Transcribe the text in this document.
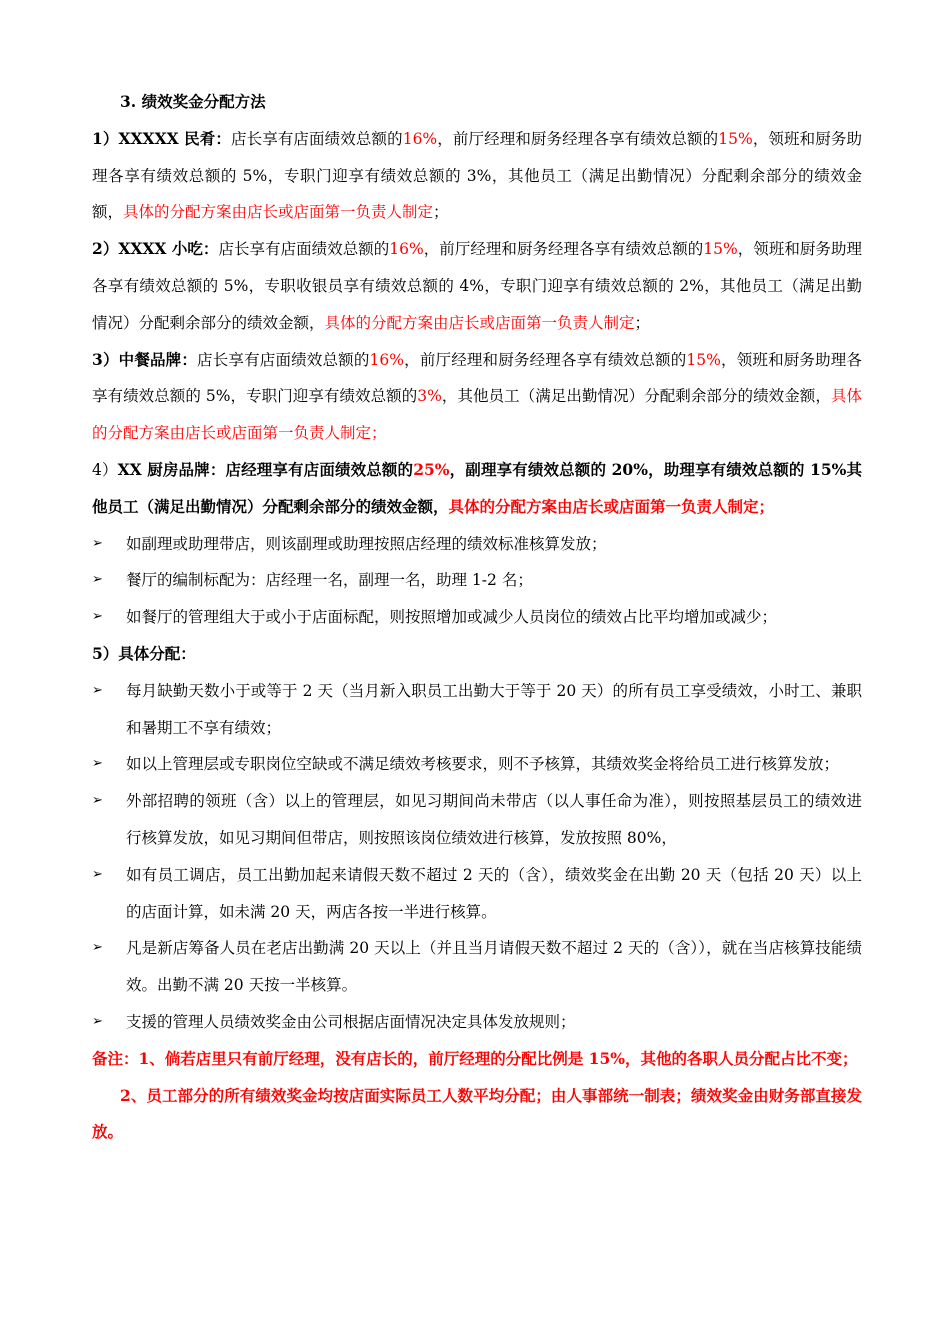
3. 绩效奖金分配方法

1）XXXXX 民肴：店长享有店面绩效总额的16%，前厅经理和厨务经理各享有绩效总额的15%，领班和厨务助理各享有绩效总额的 5%，专职门迎享有绩效总额的 3%，其他员工（满足出勤情况）分配剩余部分的绩效金额，具体的分配方案由店长或店面第一负责人制定；

2）XXXX 小吃：店长享有店面绩效总额的16%，前厅经理和厨务经理各享有绩效总额的15%，领班和厨务助理各享有绩效总额的 5%，专职收银员享有绩效总额的 4%，专职门迎享有绩效总额的 2%，其他员工（满足出勤情况）分配剩余部分的绩效金额，具体的分配方案由店长或店面第一负责人制定；

3）中餐品牌：店长享有店面绩效总额的16%，前厅经理和厨务经理各享有绩效总额的15%，领班和厨务助理各享有绩效总额的 5%，专职门迎享有绩效总额的3%，其他员工（满足出勤情况）分配剩余部分的绩效金额，具体的分配方案由店长或店面第一负责人制定；

4）XX 厨房品牌：店经理享有店面绩效总额的25%，副理享有绩效总额的 20%，助理享有绩效总额的 15%其他员工（满足出勤情况）分配剩余部分的绩效金额，具体的分配方案由店长或店面第一负责人制定；

➢	如副理或助理带店，则该副理或助理按照店经理的绩效标准核算发放；

➢	餐厅的编制标配为：店经理一名，副理一名，助理 1-2 名；

➢	如餐厅的管理组大于或小于店面标配，则按照增加或减少人员岗位的绩效占比平均增加或减少；

5）具体分配：

➢	每月缺勤天数小于或等于 2 天（当月新入职员工出勤大于等于 20 天）的所有员工享受绩效，小时工、兼职和暑期工不享有绩效；

➢	如以上管理层或专职岗位空缺或不满足绩效考核要求，则不予核算，其绩效奖金将给员工进行核算发放；

➢	外部招聘的领班（含）以上的管理层，如见习期间尚未带店（以人事任命为准），则按照基层员工的绩效进行核算发放，如见习期间但带店，则按照该岗位绩效进行核算，发放按照 80%，

➢	如有员工调店，员工出勤加起来请假天数不超过 2 天的（含），绩效奖金在出勤 20 天（包括 20 天）以上的店面计算，如未满 20 天，两店各按一半进行核算。

➢	凡是新店筹备人员在老店出勤满 20 天以上（并且当月请假天数不超过 2 天的（含）），就在当店核算技能绩效。出勤不满 20 天按一半核算。

➢	支援的管理人员绩效奖金由公司根据店面情况决定具体发放规则；

备注：1、倘若店里只有前厅经理，没有店长的，前厅经理的分配比例是 15%，其他的各职人员分配占比不变；

2、员工部分的所有绩效奖金均按店面实际员工人数平均分配；由人事部统一制表；绩效奖金由财务部直接发放。
